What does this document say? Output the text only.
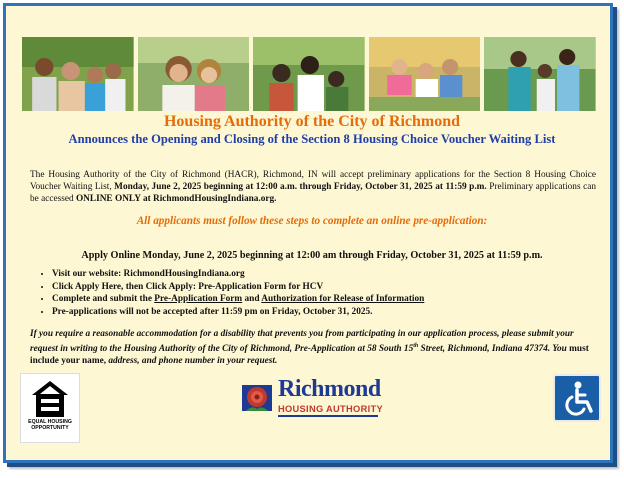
Housing Authority of the City of Richmond
Announces the Opening and Closing of the Section 8 Housing Choice Voucher Waiting List
The Housing Authority of the City of Richmond (HACR), Richmond, IN will accept preliminary applications for the Section 8 Housing Choice Voucher Waiting List, Monday, June 2, 2025 beginning at 12:00 a.m. through Friday, October 31, 2025 at 11:59 p.m. Preliminary applications can be accessed ONLINE ONLY at RichmondHousingIndiana.org.
All applicants must follow these steps to complete an online pre-application:
Apply Online Monday, June 2, 2025 beginning at 12:00 am through Friday, October 31, 2025 at 11:59 p.m.
• Visit our website: RichmondHousingIndiana.org
• Click Apply Here, then Click Apply: Pre-Application Form for HCV
• Complete and submit the Pre-Application Form and Authorization for Release of Information
• Pre-applications will not be accepted after 11:59 pm on Friday, October 31, 2025.
If you require a reasonable accommodation for a disability that prevents you from participating in our application process, please submit your request in writing to the Housing Authority of the City of Richmond, Pre-Application at 58 South 15th Street, Richmond, Indiana 47374. You must include your name, address, and phone number in your request.
EQUAL HOUSING
OPPORTUNITY
Richmond
HOUSING AUTHORITY
